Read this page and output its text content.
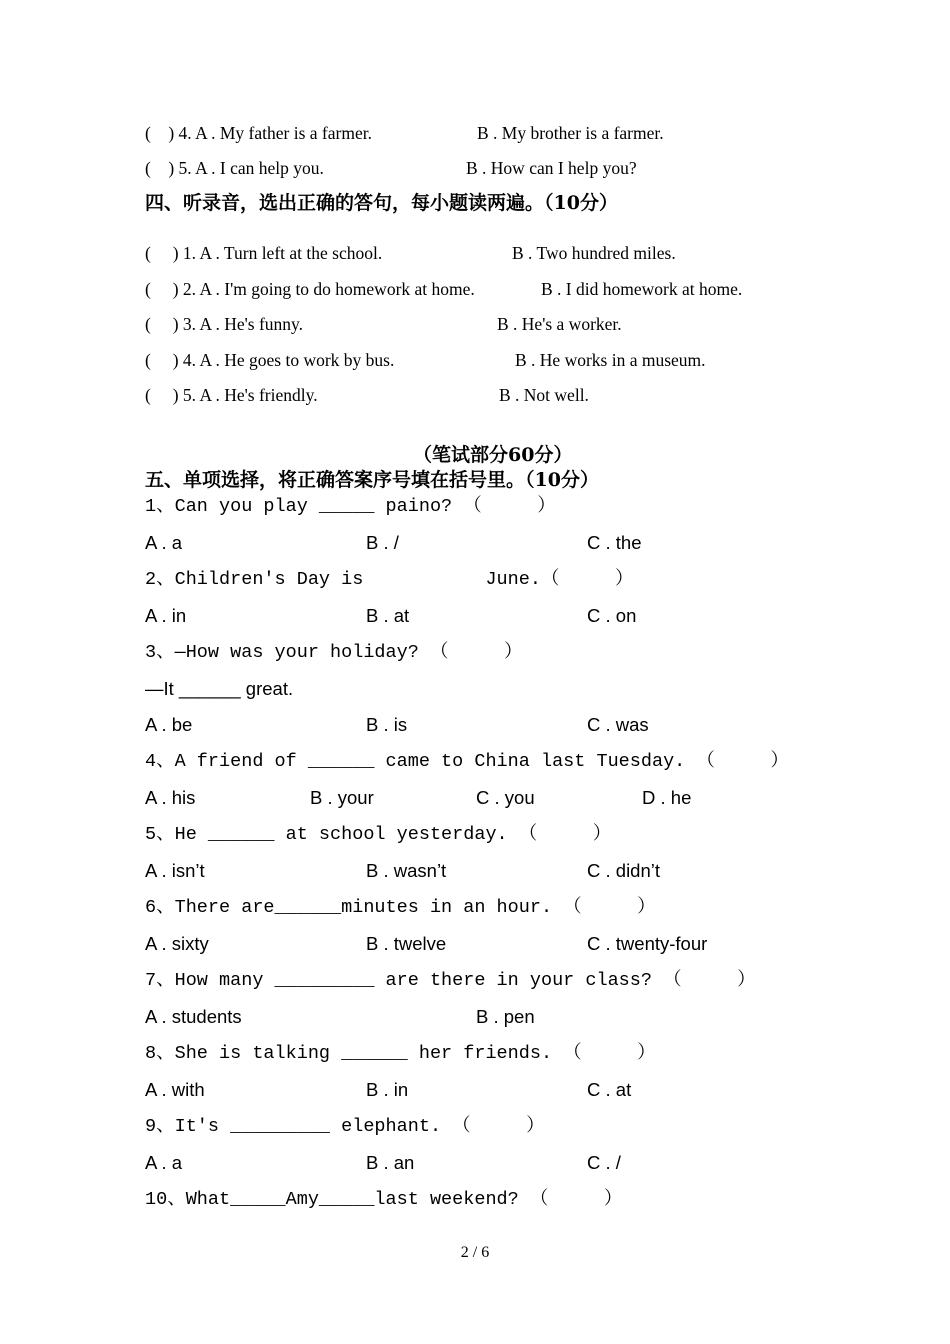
(    ) 4. A . My father is a farmer.	B . My brother is a farmer.
(    ) 5. A . I can help you.	B . How can I help you?
四、听录音，选出正确的答句，每小题读两遍。（10分）
(     ) 1. A . Turn left at the school.	B . Two hundred miles.
(     ) 2. A . I'm going to do homework at home.	B . I did homework at home.
(     ) 3. A . He's funny.	B . He's a worker.
(     ) 4. A . He goes to work by bus.	B . He works in a museum.
(     ) 5. A . He's friendly.	B . Not well.
（笔试部分60分）
五、单项选择，将正确答案序号填在括号里。（10分）
1、Can you play _____ paino? （     ）
A . a	B . /	C . the
2、Children's Day is           June.（     ）
A . in	B . at	C . on
3、—How was your holiday? （     ）
—It ______ great.
A . be	B . is	C . was
4、A friend of ______ came to China last Tuesday. （     ）
A . his	B . your	C . you	D . he
5、He ______ at school yesterday. （     ）
A . isn’t	B . wasn’t	C . didn’t
6、There are______minutes in an hour. （     ）
A . sixty	B . twelve	C . twenty-four
7、How many _________ are there in your class? （     ）
A . students	B . pen
8、She is talking ______ her friends. （     ）
A . with	B . in	C . at
9、It's _________ elephant. （     ）
A . a	B . an	C . /
10、What_____Amy_____last weekend? （     ）
2 / 6
